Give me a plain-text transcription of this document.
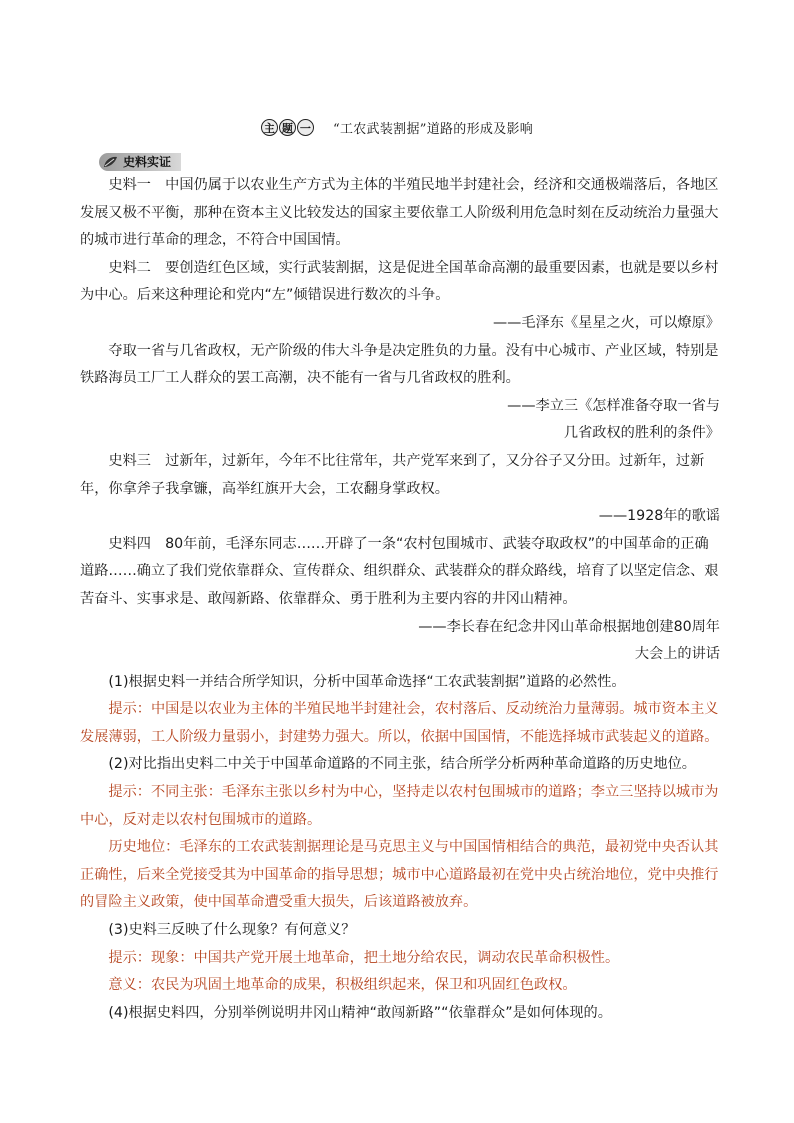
主 题 一 “工农武装割据”道路的形成及影响
史料实证

史料一　中国仍属于以农业生产方式为主体的半殖民地半封建社会，经济和交通极端落后，各地区发展又极不平衡，那种在资本主义比较发达的国家主要依靠工人阶级利用危急时刻在反动统治力量强大的城市进行革命的理念，不符合中国国情。

史料二　要创造红色区域，实行武装割据，这是促进全国革命高潮的最重要因素，也就是要以乡村为中心。后来这种理论和党内“左”倾错误进行数次的斗争。

——毛泽东《星星之火，可以燎原》

夺取一省与几省政权，无产阶级的伟大斗争是决定胜负的力量。没有中心城市、产业区域，特别是铁路海员工厂工人群众的罢工高潮，决不能有一省与几省政权的胜利。

——李立三《怎样准备夺取一省与

几省政权的胜利的条件》

史料三　过新年，过新年，今年不比往常年，共产党军来到了，又分谷子又分田。过新年，过新年，你拿斧子我拿镰，高举红旗开大会，工农翻身掌政权。

——1928年的歌谣

史料四　80年前，毛泽东同志……开辟了一条“农村包围城市、武装夺取政权”的中国革命的正确道路……确立了我们党依靠群众、宣传群众、组织群众、武装群众的群众路线，培育了以坚定信念、艰苦奋斗、实事求是、敢闯新路、依靠群众、勇于胜利为主要内容的井冈山精神。

——李长春在纪念井冈山革命根据地创建80周年

大会上的讲话

(1)根据史料一并结合所学知识，分析中国革命选择“工农武装割据”道路的必然性。

提示：中国是以农业为主体的半殖民地半封建社会，农村落后、反动统治力量薄弱。城市资本主义发展薄弱，工人阶级力量弱小，封建势力强大。所以，依据中国国情，不能选择城市武装起义的道路。

(2)对比指出史料二中关于中国革命道路的不同主张，结合所学分析两种革命道路的历史地位。

提示：不同主张：毛泽东主张以乡村为中心，坚持走以农村包围城市的道路；李立三坚持以城市为中心，反对走以农村包围城市的道路。

历史地位：毛泽东的工农武装割据理论是马克思主义与中国国情相结合的典范，最初党中央否认其正确性，后来全党接受其为中国革命的指导思想；城市中心道路最初在党中央占统治地位，党中央推行的冒险主义政策，使中国革命遭受重大损失，后该道路被放弃。

(3)史料三反映了什么现象？有何意义？

提示：现象：中国共产党开展土地革命，把土地分给农民，调动农民革命积极性。

意义：农民为巩固土地革命的成果，积极组织起来，保卫和巩固红色政权。

(4)根据史料四，分别举例说明井冈山精神“敢闯新路”“依靠群众”是如何体现的。
